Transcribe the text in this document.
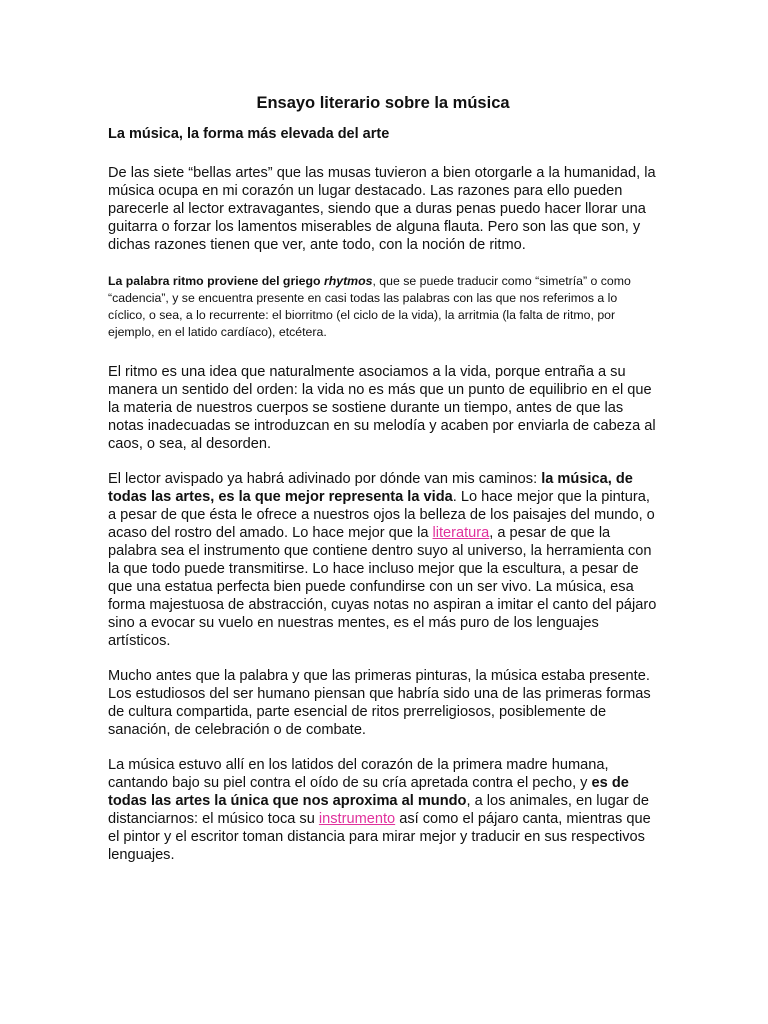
Ensayo literario sobre la música
La música, la forma más elevada del arte

De las siete “bellas artes” que las musas tuvieron a bien otorgarle a la humanidad, la música ocupa en mi corazón un lugar destacado. Las razones para ello pueden parecerle al lector extravagantes, siendo que a duras penas puedo hacer llorar una guitarra o forzar los lamentos miserables de alguna flauta. Pero son las que son, y dichas razones tienen que ver, ante todo, con la noción de ritmo.

La palabra ritmo proviene del griego rhytmos, que se puede traducir como “simetría” o como “cadencia”, y se encuentra presente en casi todas las palabras con las que nos referimos a lo cíclico, o sea, a lo recurrente: el biorritmo (el ciclo de la vida), la arritmia (la falta de ritmo, por ejemplo, en el latido cardíaco), etcétera.

El ritmo es una idea que naturalmente asociamos a la vida, porque entraña a su manera un sentido del orden: la vida no es más que un punto de equilibrio en el que la materia de nuestros cuerpos se sostiene durante un tiempo, antes de que las notas inadecuadas se introduzcan en su melodía y acaben por enviarla de cabeza al caos, o sea, al desorden.

El lector avispado ya habrá adivinado por dónde van mis caminos: la música, de todas las artes, es la que mejor representa la vida. Lo hace mejor que la pintura, a pesar de que ésta le ofrece a nuestros ojos la belleza de los paisajes del mundo, o acaso del rostro del amado. Lo hace mejor que la literatura, a pesar de que la palabra sea el instrumento que contiene dentro suyo al universo, la herramienta con la que todo puede transmitirse. Lo hace incluso mejor que la escultura, a pesar de que una estatua perfecta bien puede confundirse con un ser vivo. La música, esa forma majestuosa de abstracción, cuyas notas no aspiran a imitar el canto del pájaro sino a evocar su vuelo en nuestras mentes, es el más puro de los lenguajes artísticos.

Mucho antes que la palabra y que las primeras pinturas, la música estaba presente. Los estudiosos del ser humano piensan que habría sido una de las primeras formas de cultura compartida, parte esencial de ritos prerreligiosos, posiblemente de sanación, de celebración o de combate.

La música estuvo allí en los latidos del corazón de la primera madre humana, cantando bajo su piel contra el oído de su cría apretada contra el pecho, y es de todas las artes la única que nos aproxima al mundo, a los animales, en lugar de distanciarnos: el músico toca su instrumento así como el pájaro canta, mientras que el pintor y el escritor toman distancia para mirar mejor y traducir en sus respectivos lenguajes.
